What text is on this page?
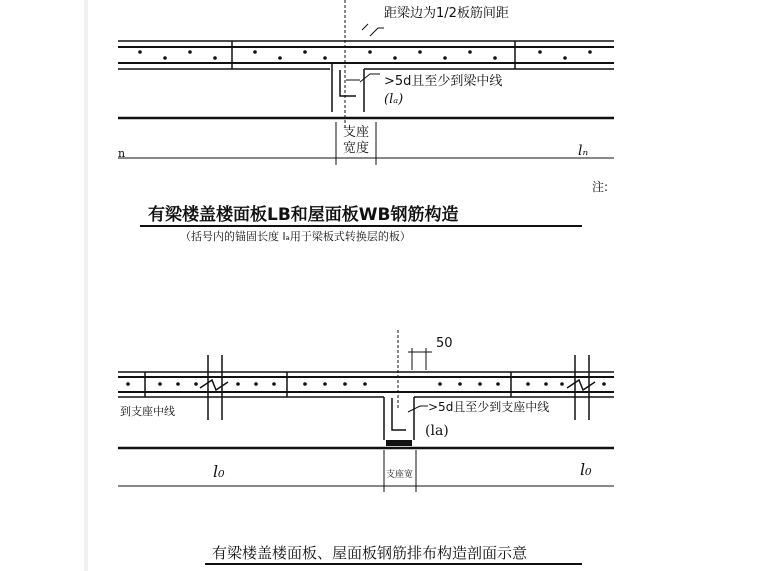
距梁边为1/2板筋间距
>5d且至少到梁中线
(lₐ)
支座
宽度
n	lₙ
注:
有梁楼盖楼面板LB和屋面板WB钢筋构造
（括号内的锚固长度 lₐ用于梁板式转换层的板）
50
>5d且至少到支座中线
(la)
到支座中线
支座宽
l₀	l₀
有梁楼盖楼面板、屋面板钢筋排布构造剖面示意
